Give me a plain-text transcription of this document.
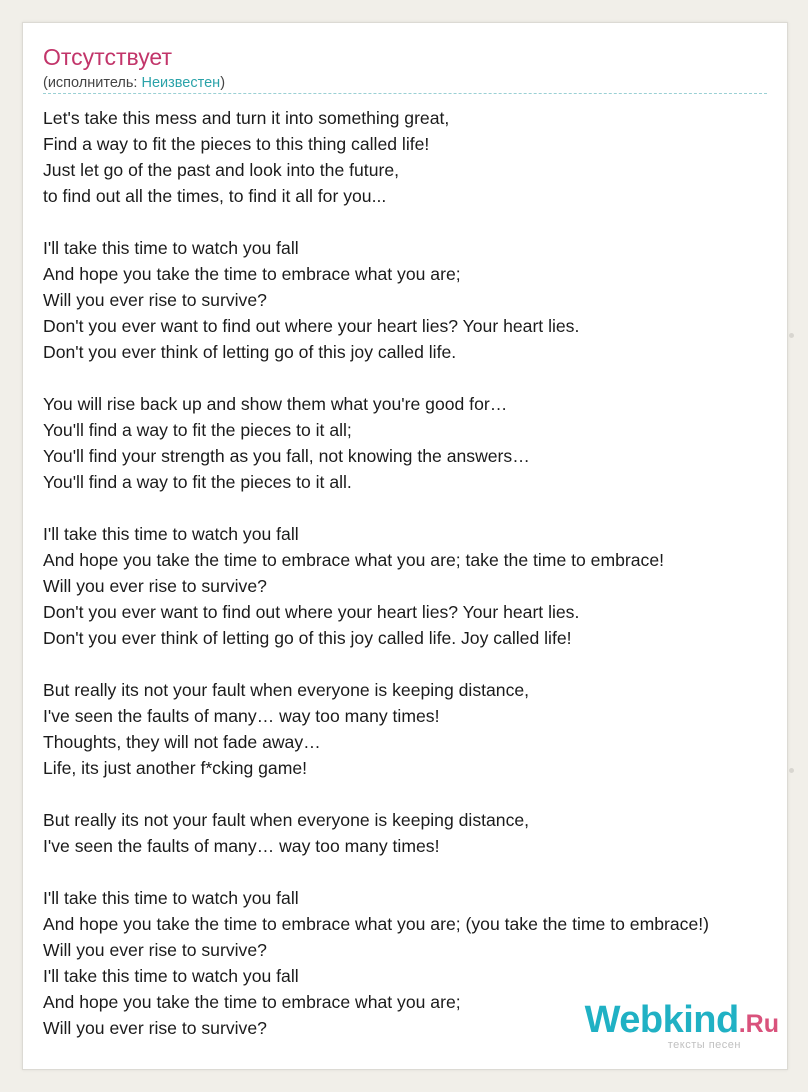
Отсутствует
(исполнитель: Неизвестен)
Let's take this mess and turn it into something great,
Find a way to fit the pieces to this thing called life!
Just let go of the past and look into the future,
to find out all the times, to find it all for you...
I'll take this time to watch you fall
And hope you take the time to embrace what you are;
Will you ever rise to survive?
Don't you ever want to find out where your heart lies? Your heart lies.
Don't you ever think of letting go of this joy called life.
You will rise back up and show them what you're good for…
You'll find a way to fit the pieces to it all;
You'll find your strength as you fall, not knowing the answers…
You'll find a way to fit the pieces to it all.
I'll take this time to watch you fall
And hope you take the time to embrace what you are; take the time to embrace!
Will you ever rise to survive?
Don't you ever want to find out where your heart lies? Your heart lies.
Don't you ever think of letting go of this joy called life. Joy called life!
But really its not your fault when everyone is keeping distance,
I've seen the faults of many… way too many times!
Thoughts, they will not fade away…
Life, its just another f*cking game!
But really its not your fault when everyone is keeping distance,
I've seen the faults of many… way too many times!
I'll take this time to watch you fall
And hope you take the time to embrace what you are; (you take the time to embrace!)
Will you ever rise to survive?
I'll take this time to watch you fall
And hope you take the time to embrace what you are;
Will you ever rise to survive?	Webkind.Ru
тексты песен
